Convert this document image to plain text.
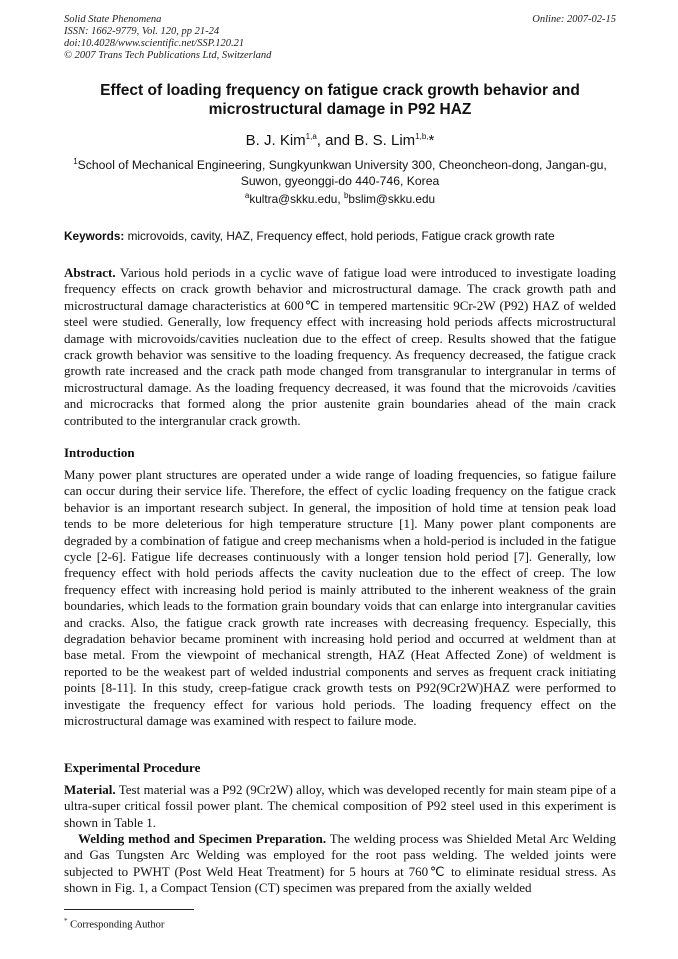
Solid State Phenomena
ISSN: 1662-9779, Vol. 120, pp 21-24
doi:10.4028/www.scientific.net/SSP.120.21
© 2007 Trans Tech Publications Ltd, Switzerland
Online: 2007-02-15
Effect of loading frequency on fatigue crack growth behavior and microstructural damage in P92 HAZ
B. J. Kim$^{1,a}$, and B. S. Lim$^{1,b,}$*
$^1$School of Mechanical Engineering, Sungkyunkwan University 300, Cheoncheon-dong, Jangan-gu, Suwon, gyeonggi-do 440-746, Korea
$^a$kultra@skku.edu, $^b$bslim@skku.edu
Keywords: microvoids, cavity, HAZ, Frequency effect, hold periods, Fatigue crack growth rate
Abstract. Various hold periods in a cyclic wave of fatigue load were introduced to investigate loading frequency effects on crack growth behavior and microstructural damage. The crack growth path and microstructural damage characteristics at 600℃ in tempered martensitic 9Cr-2W (P92) HAZ of welded steel were studied. Generally, low frequency effect with increasing hold periods affects microstructural damage with microvoids/cavities nucleation due to the effect of creep. Results showed that the fatigue crack growth behavior was sensitive to the loading frequency. As frequency decreased, the fatigue crack growth rate increased and the crack path mode changed from transgranular to intergranular in terms of microstructural damage. As the loading frequency decreased, it was found that the microvoids /cavities and microcracks that formed along the prior austenite grain boundaries ahead of the main crack contributed to the intergranular crack growth.
Introduction
Many power plant structures are operated under a wide range of loading frequencies, so fatigue failure can occur during their service life. Therefore, the effect of cyclic loading frequency on the fatigue crack behavior is an important research subject. In general, the imposition of hold time at tension peak load tends to be more deleterious for high temperature structure [1]. Many power plant components are degraded by a combination of fatigue and creep mechanisms when a hold-period is included in the fatigue cycle [2-6]. Fatigue life decreases continuously with a longer tension hold period [7]. Generally, low frequency effect with hold periods affects the cavity nucleation due to the effect of creep. The low frequency effect with increasing hold period is mainly attributed to the inherent weakness of the grain boundaries, which leads to the formation grain boundary voids that can enlarge into intergranular cavities and cracks. Also, the fatigue crack growth rate increases with decreasing frequency. Especially, this degradation behavior became prominent with increasing hold period and occurred at weldment than at base metal. From the viewpoint of mechanical strength, HAZ (Heat Affected Zone) of weldment is reported to be the weakest part of welded industrial components and serves as frequent crack initiating points [8-11]. In this study, creep-fatigue crack growth tests on P92(9Cr2W)HAZ were performed to investigate the frequency effect for various hold periods. The loading frequency effect on the microstructural damage was examined with respect to failure mode.
Experimental Procedure
Material. Test material was a P92 (9Cr2W) alloy, which was developed recently for main steam pipe of a ultra-super critical fossil power plant. The chemical composition of P92 steel used in this experiment is shown in Table 1.
Welding method and Specimen Preparation. The welding process was Shielded Metal Arc Welding and Gas Tungsten Arc Welding was employed for the root pass welding. The welded joints were subjected to PWHT (Post Weld Heat Treatment) for 5 hours at 760℃ to eliminate residual stress. As shown in Fig. 1, a Compact Tension (CT) specimen was prepared from the axially welded
* Corresponding Author
